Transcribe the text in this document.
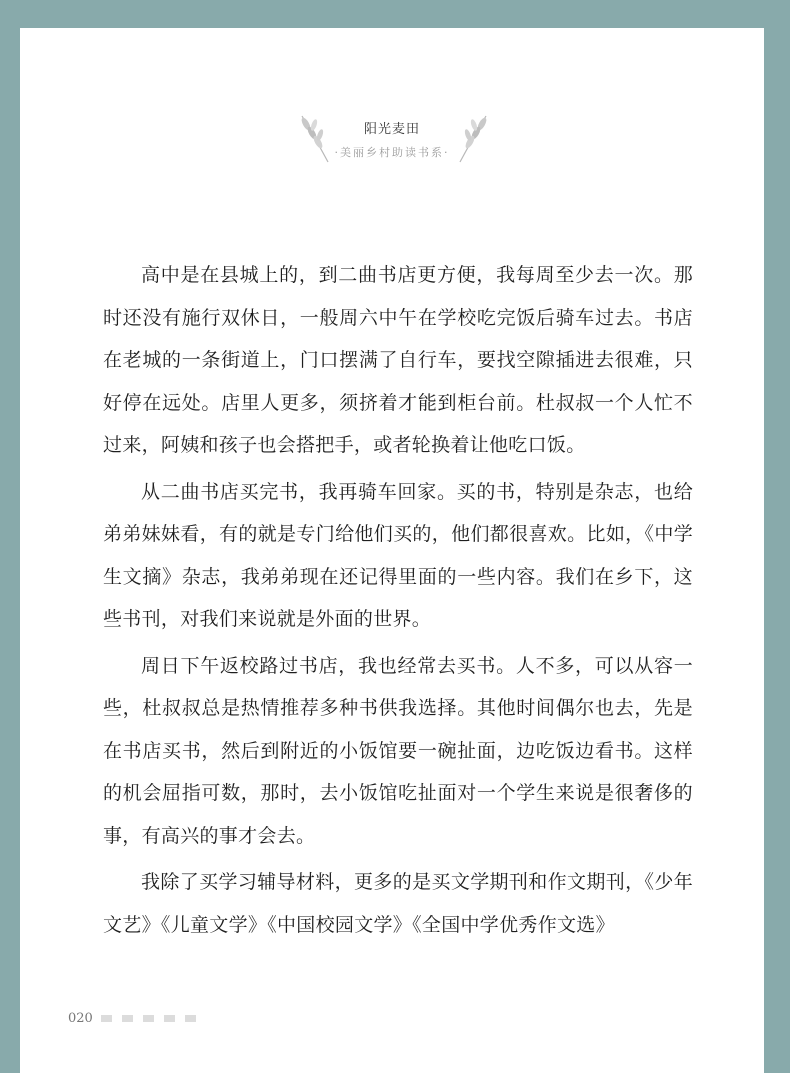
阳光麦田
·美丽乡村助读书系·

高中是在县城上的，到二曲书店更方便，我每周至少去一次。那时还没有施行双休日，一般周六中午在学校吃完饭后骑车过去。书店在老城的一条街道上，门口摆满了自行车，要找空隙插进去很难，只好停在远处。店里人更多，须挤着才能到柜台前。杜叔叔一个人忙不过来，阿姨和孩子也会搭把手，或者轮换着让他吃口饭。

从二曲书店买完书，我再骑车回家。买的书，特别是杂志，也给弟弟妹妹看，有的就是专门给他们买的，他们都很喜欢。比如，《中学生文摘》杂志，我弟弟现在还记得里面的一些内容。我们在乡下，这些书刊，对我们来说就是外面的世界。

周日下午返校路过书店，我也经常去买书。人不多，可以从容一些，杜叔叔总是热情推荐多种书供我选择。其他时间偶尔也去，先是在书店买书，然后到附近的小饭馆要一碗扯面，边吃饭边看书。这样的机会屈指可数，那时，去小饭馆吃扯面对一个学生来说是很奢侈的事，有高兴的事才会去。

我除了买学习辅导材料，更多的是买文学期刊和作文期刊，《少年文艺》《儿童文学》《中国校园文学》《全国中学优秀作文选》

020
